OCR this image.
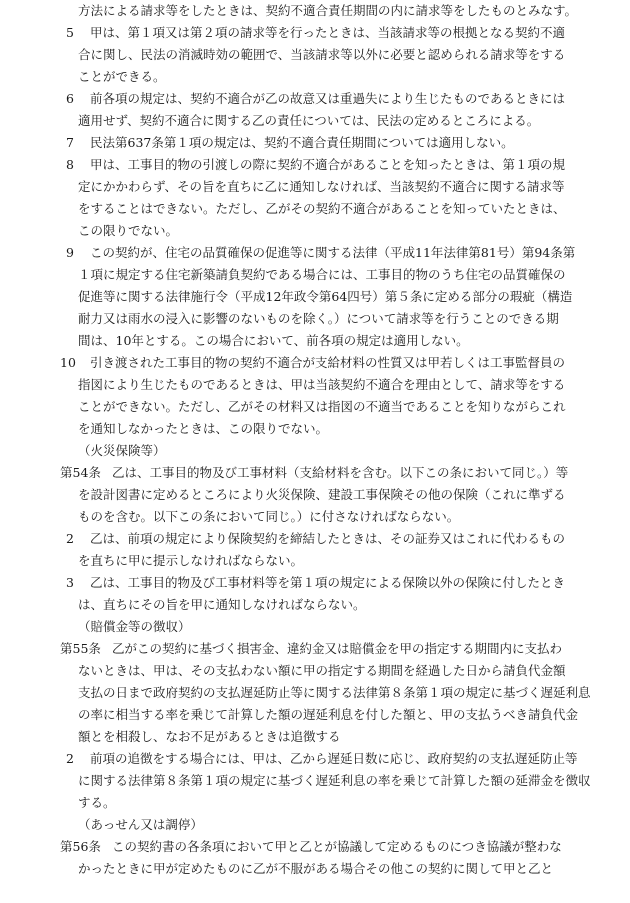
方法による請求等をしたときは、契約不適合責任期間の内に請求等をしたものとみなす。
5 甲は、第１項又は第２項の請求等を行ったときは、当該請求等の根拠となる契約不適
合に関し、民法の消滅時効の範囲で、当該請求等以外に必要と認められる請求等をする
ことができる。
6 前各項の規定は、契約不適合が乙の故意又は重過失により生じたものであるときには
適用せず、契約不適合に関する乙の責任については、民法の定めるところによる。
7 民法第637条第１項の規定は、契約不適合責任期間については適用しない。
8 甲は、工事目的物の引渡しの際に契約不適合があることを知ったときは、第１項の規
定にかかわらず、その旨を直ちに乙に通知しなければ、当該契約不適合に関する請求等
をすることはできない。ただし、乙がその契約不適合があることを知っていたときは、
この限りでない。
9 この契約が、住宅の品質確保の促進等に関する法律（平成11年法律第81号）第94条第
１項に規定する住宅新築請負契約である場合には、工事目的物のうち住宅の品質確保の
促進等に関する法律施行令（平成12年政令第64四号）第５条に定める部分の瑕疵（構造
耐力又は雨水の浸入に影響のないものを除く。）について請求等を行うことのできる期
間は、10年とする。この場合において、前各項の規定は適用しない。
10 引き渡された工事目的物の契約不適合が支給材料の性質又は甲若しくは工事監督員の
指図により生じたものであるときは、甲は当該契約不適合を理由として、請求等をする
ことができない。ただし、乙がその材料又は指図の不適当であることを知りながらこれ
を通知しなかったときは、この限りでない。
（火災保険等）
第54条 乙は、工事目的物及び工事材料（支給材料を含む。以下この条において同じ。）等
を設計図書に定めるところにより火災保険、建設工事保険その他の保険（これに準ずる
ものを含む。以下この条において同じ。）に付さなければならない。
2 乙は、前項の規定により保険契約を締結したときは、その証券又はこれに代わるもの
を直ちに甲に提示しなければならない。
3 乙は、工事目的物及び工事材料等を第１項の規定による保険以外の保険に付したとき
は、直ちにその旨を甲に通知しなければならない。
（賠償金等の徴収）
第55条 乙がこの契約に基づく損害金、違約金又は賠償金を甲の指定する期間内に支払わ
ないときは、甲は、その支払わない額に甲の指定する期間を経過した日から請負代金額
支払の日まで政府契約の支払遅延防止等に関する法律第８条第１項の規定に基づく遅延利息
の率に相当する率を乗じて計算した額の遅延利息を付した額と、甲の支払うべき請負代金
額とを相殺し、なお不足があるときは追徴する
2 前項の追徴をする場合には、甲は、乙から遅延日数に応じ、政府契約の支払遅延防止等
に関する法律第８条第１項の規定に基づく遅延利息の率を乗じて計算した額の延滞金を徴収
する。
（あっせん又は調停）
第56条 この契約書の各条項において甲と乙とが協議して定めるものにつき協議が整わな
かったときに甲が定めたものに乙が不服がある場合その他この契約に関して甲と乙と
